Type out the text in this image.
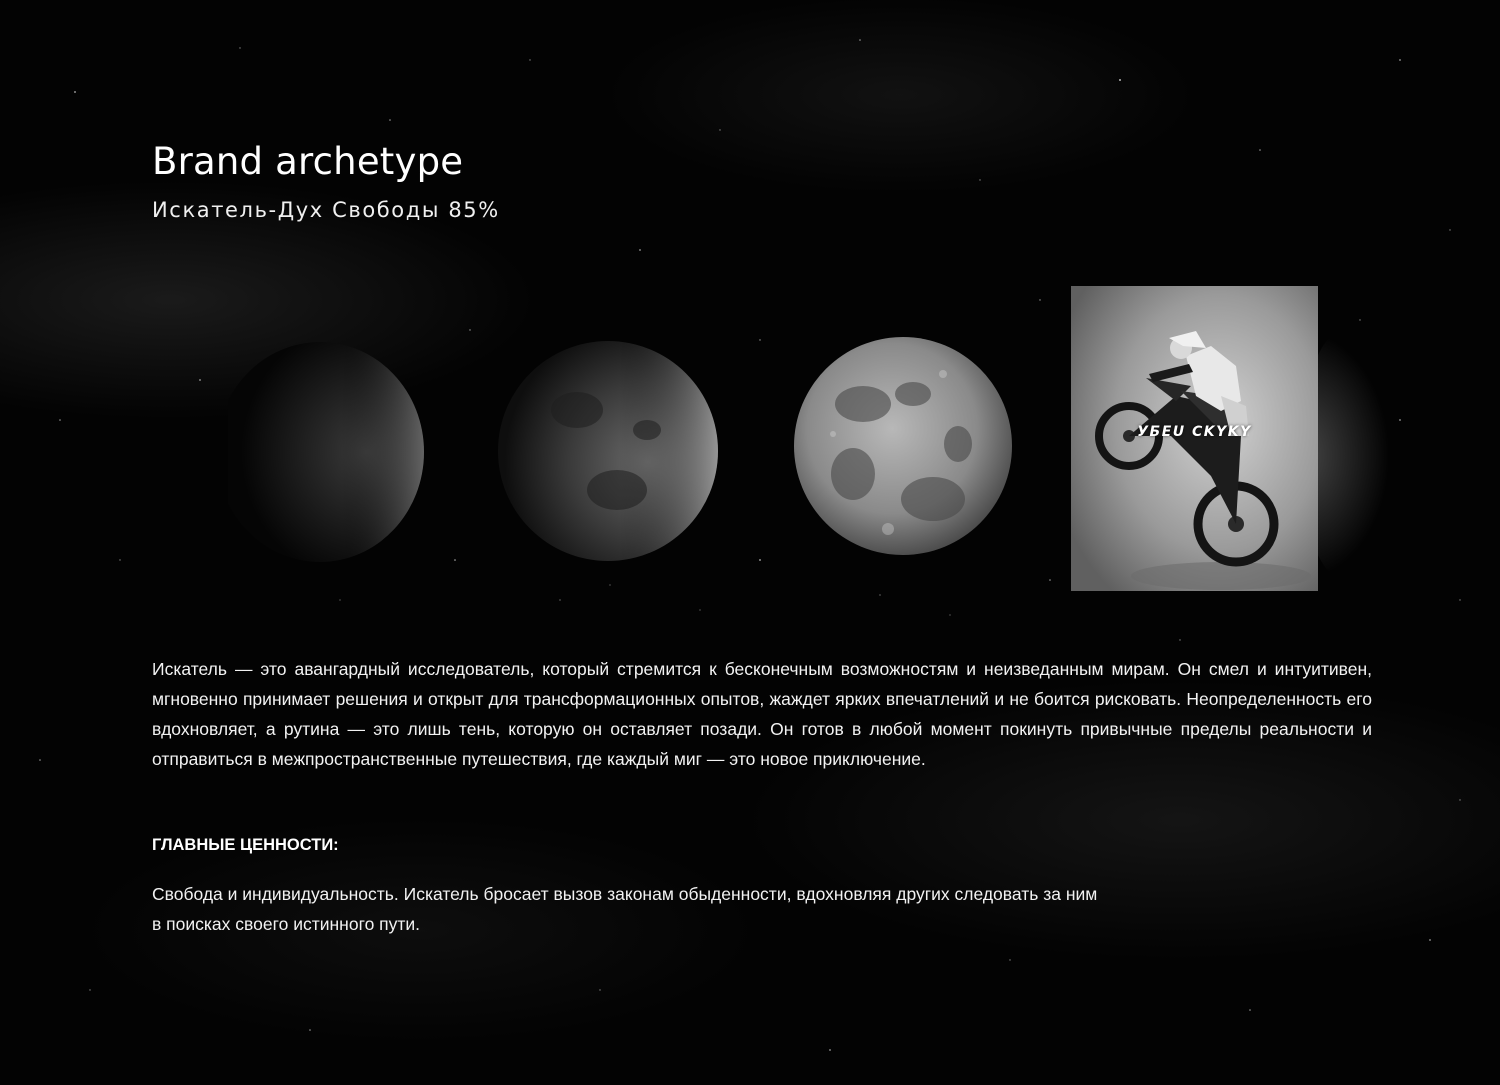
Brand archetype
Искатель-Дух Свободы 85%
УБЕU CKYKY

Искатель — это авангардный исследователь, который стремится к бесконечным возможностям и неизведанным мирам. Он смел и интуитивен, мгновенно принимает решения и открыт для трансформационных опытов, жаждет ярких впечатлений и не боится рисковать. Неопределенность его вдохновляет, а рутина — это лишь тень, которую он оставляет позади. Он готов в любой момент покинуть привычные пределы реальности и отправиться в межпространственные путешествия, где каждый миг — это новое приключение.

ГЛАВНЫЕ ЦЕННОСТИ:
Свобода и индивидуальность. Искатель бросает вызов законам обыденности, вдохновляя других следовать за ним
в поисках своего истинного пути.
